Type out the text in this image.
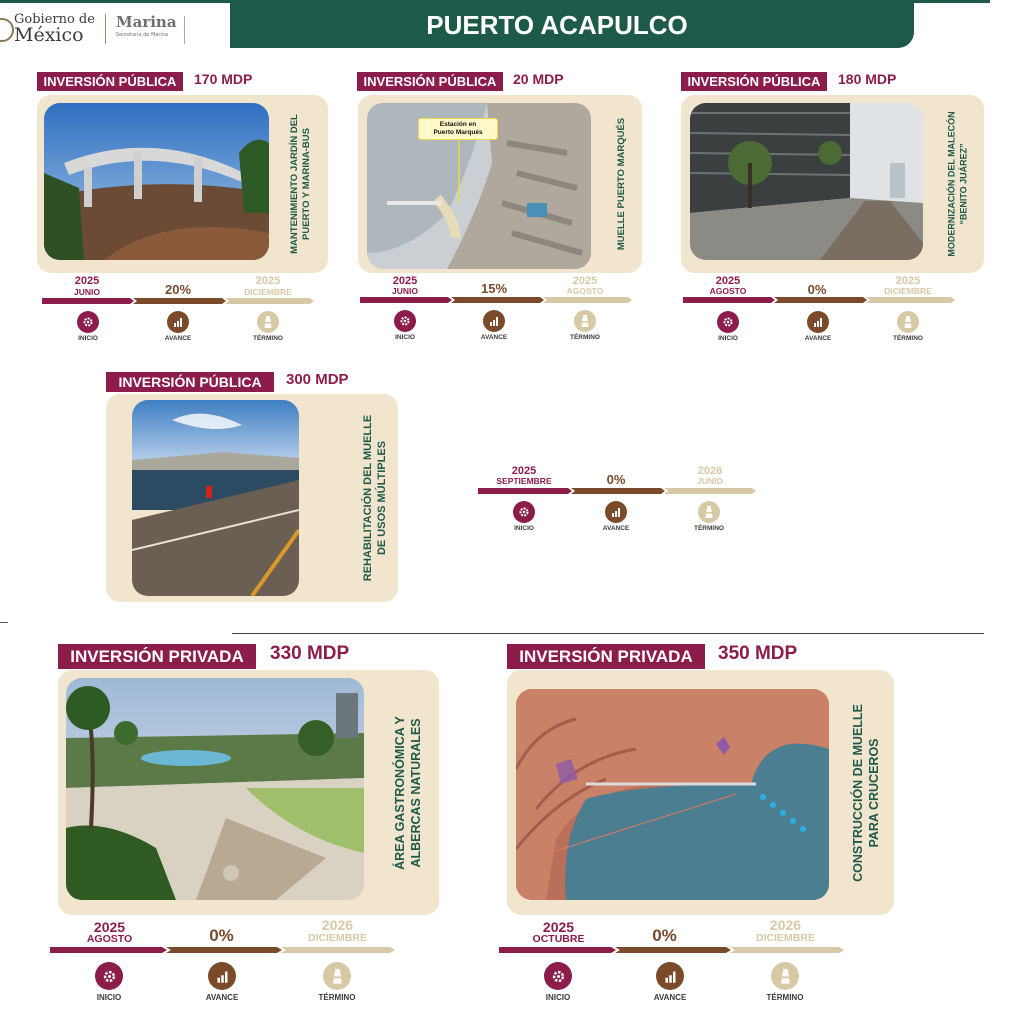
Gobierno de
México
Marina
Secretaría de Marina	PUERTO ACAPULCO
INVERSIÓN PÚBLICA	170 MDP
MANTENIMIENTO JARDÍN DEL
PUERTO Y MARINA-BUS
2025
JUNIO	20%
2025
DICIEMBRE
INICIO	AVANCE	TÉRMINO
INVERSIÓN PÚBLICA	20 MDP
Estación en
Puerto Marqués	MUELLE PUERTO MARQUÉS
2025
JUNIO	15%	2025
AGOSTO
INICIO	AVANCE	TÉRMINO
INVERSIÓN PÚBLICA	180 MDP
MODERNIZACIÓN DEL MALECÓN
“BENITO JUÁREZ”
2025
AGOSTO	0%
2025
DICIEMBRE
INICIO	AVANCE	TÉRMINO
INVERSIÓN PÚBLICA	300 MDP
REHABILITACIÓN DEL MUELLE
DE USOS MÚLTIPLES	2025
SEPTIEMBRE	0%
2026
JUNIO
INICIO	AVANCE	TÉRMINO
INVERSIÓN PRIVADA	330 MDP
ÁREA GASTRONÓMICA Y
ALBERCAS NATURALES
2025
AGOSTO	0%
2026
DICIEMBRE
INICIO	AVANCE	TÉRMINO
INVERSIÓN PRIVADA	350 MDP
CONSTRUCCIÓN DE MUELLE
PARA CRUCEROS
2025
OCTUBRE	0%
2026
DICIEMBRE
INICIO	AVANCE	TÉRMINO
